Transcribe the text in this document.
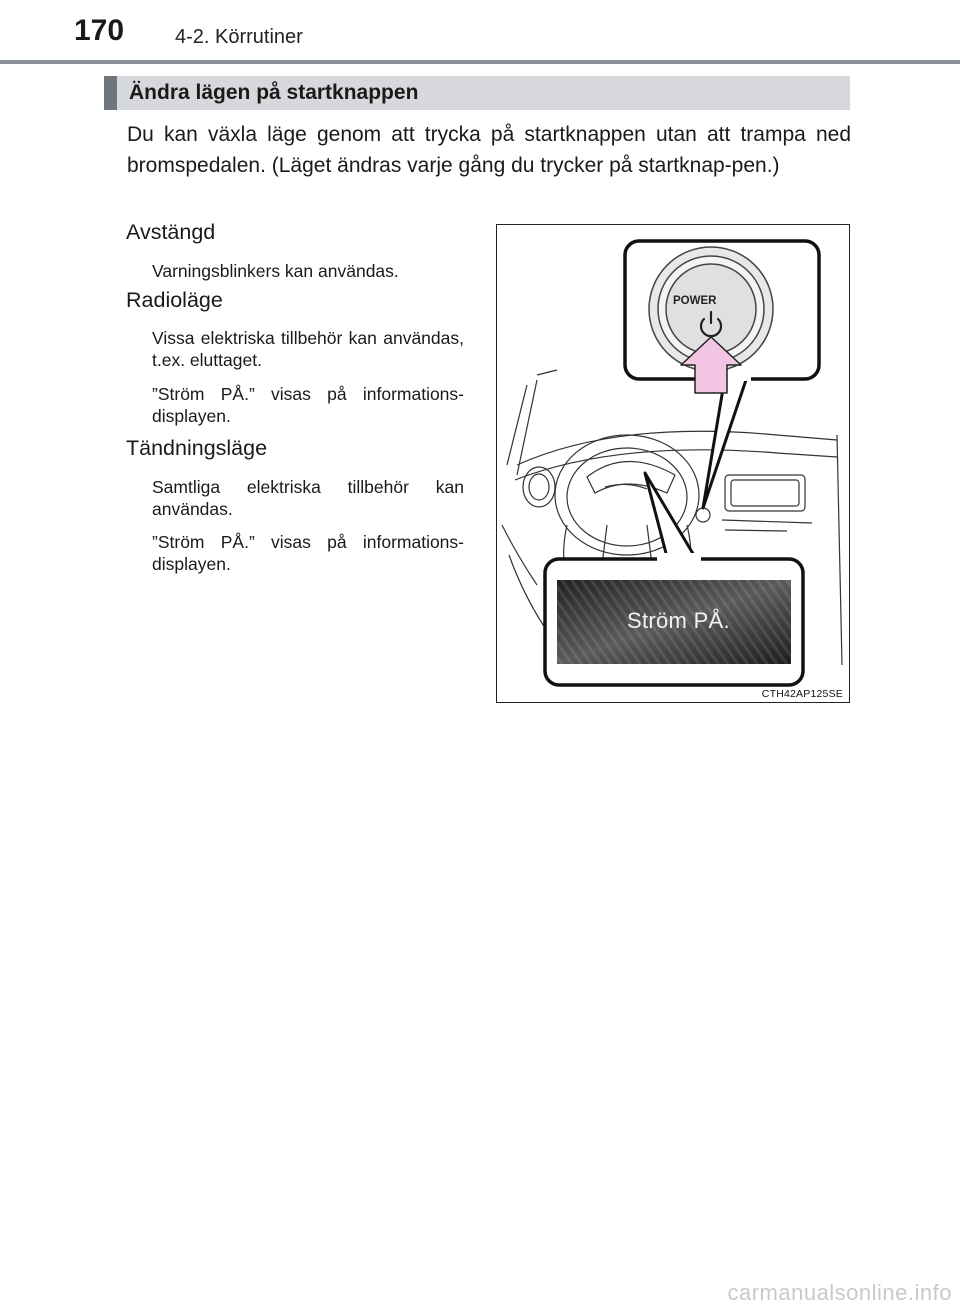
170	4-2. Körrutiner
Ändra lägen på startknappen

Du kan växla läge genom att trycka på startknappen utan att trampa ned bromspedalen. (Läget ändras varje gång du trycker på startknap-pen.)

Avstängd

Varningsblinkers kan användas.

Radioläge

Vissa elektriska tillbehör kan användas, t.ex. eluttaget.

”Ström PÅ.” visas på informations-displayen.

Tändningsläge

Samtliga elektriska tillbehör kan användas.

”Ström PÅ.” visas på informations-displayen.

POWER
Ström PÅ.
CTH42AP125SE
carmanualsonline.info
